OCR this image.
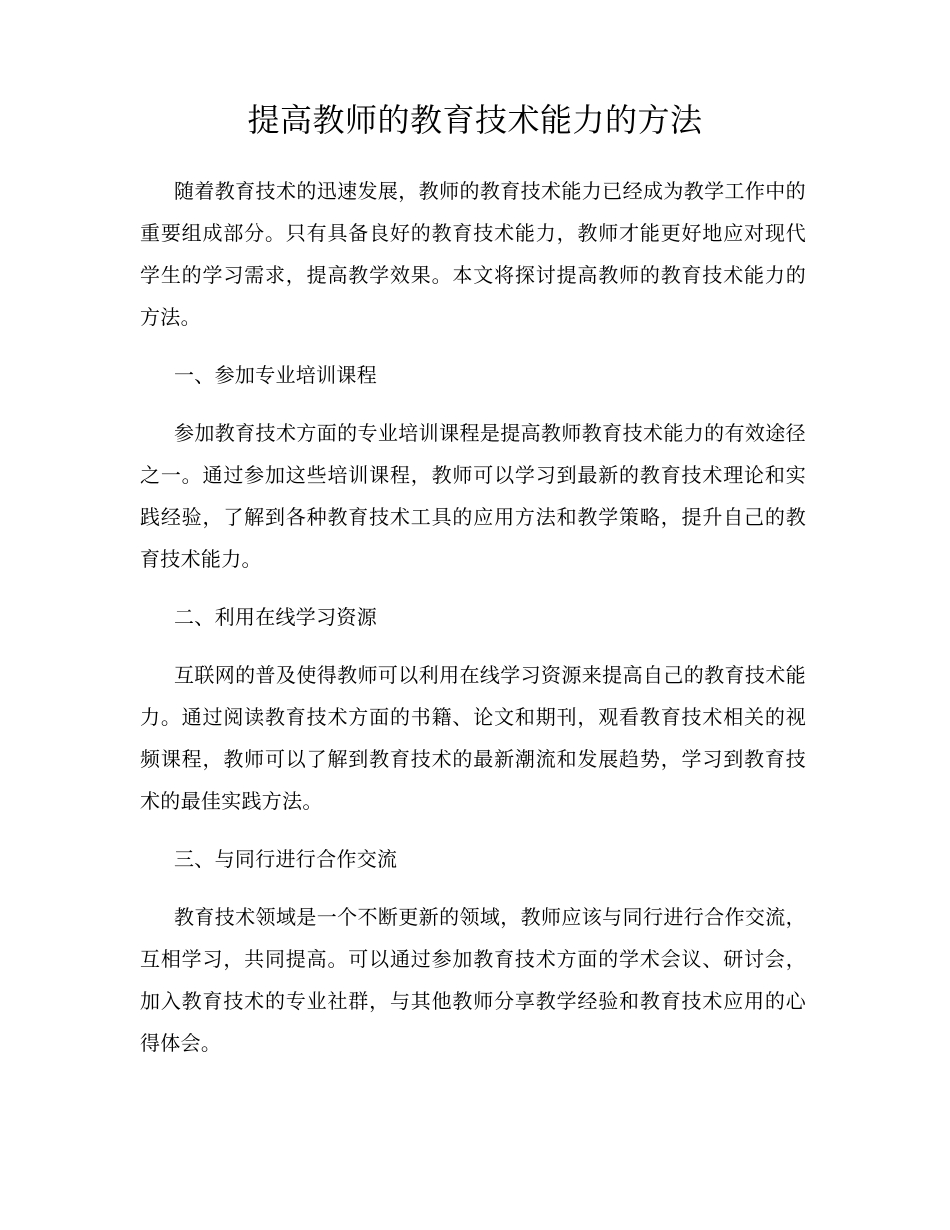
提高教师的教育技术能力的方法

随着教育技术的迅速发展，教师的教育技术能力已经成为教学工作中的重要组成部分。只有具备良好的教育技术能力，教师才能更好地应对现代学生的学习需求，提高教学效果。本文将探讨提高教师的教育技术能力的方法。

一、参加专业培训课程

参加教育技术方面的专业培训课程是提高教师教育技术能力的有效途径之一。通过参加这些培训课程，教师可以学习到最新的教育技术理论和实践经验，了解到各种教育技术工具的应用方法和教学策略，提升自己的教育技术能力。

二、利用在线学习资源

互联网的普及使得教师可以利用在线学习资源来提高自己的教育技术能力。通过阅读教育技术方面的书籍、论文和期刊，观看教育技术相关的视频课程，教师可以了解到教育技术的最新潮流和发展趋势，学习到教育技术的最佳实践方法。

三、与同行进行合作交流

教育技术领域是一个不断更新的领域，教师应该与同行进行合作交流，互相学习，共同提高。可以通过参加教育技术方面的学术会议、研讨会，加入教育技术的专业社群，与其他教师分享教学经验和教育技术应用的心得体会。
